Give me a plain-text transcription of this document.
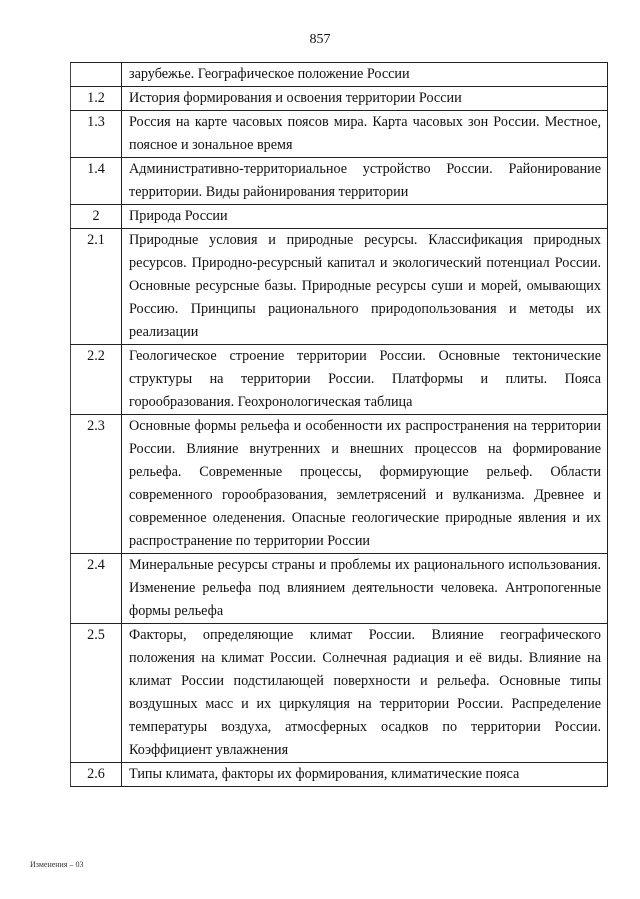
857
	зарубежье. Географическое положение России
1.2	История формирования и освоения территории России
1.3	Россия на карте часовых поясов мира. Карта часовых зон России. Местное, поясное и зональное время
1.4	Административно-территориальное устройство России. Районирование территории. Виды районирования территории
2	Природа России
2.1	Природные условия и природные ресурсы. Классификация природных ресурсов. Природно-ресурсный капитал и экологический потенциал России. Основные ресурсные базы. Природные ресурсы суши и морей, омывающих Россию. Принципы рационального природопользования и методы их реализации
2.2	Геологическое строение территории России. Основные тектонические структуры на территории России. Платформы и плиты. Пояса горообразования. Геохронологическая таблица
2.3	Основные формы рельефа и особенности их распространения на территории России. Влияние внутренних и внешних процессов на формирование рельефа. Современные процессы, формирующие рельеф. Области современного горообразования, землетрясений и вулканизма. Древнее и современное оледенения. Опасные геологические природные явления и их распространение по территории России
2.4	Минеральные ресурсы страны и проблемы их рационального использования. Изменение рельефа под влиянием деятельности человека. Антропогенные формы рельефа
2.5	Факторы, определяющие климат России. Влияние географического положения на климат России. Солнечная радиация и её виды. Влияние на климат России подстилающей поверхности и рельефа. Основные типы воздушных масс и их циркуляция на территории России. Распределение температуры воздуха, атмосферных осадков по территории России. Коэффициент увлажнения
2.6	Типы климата, факторы их формирования, климатические пояса
Изменения – 03
